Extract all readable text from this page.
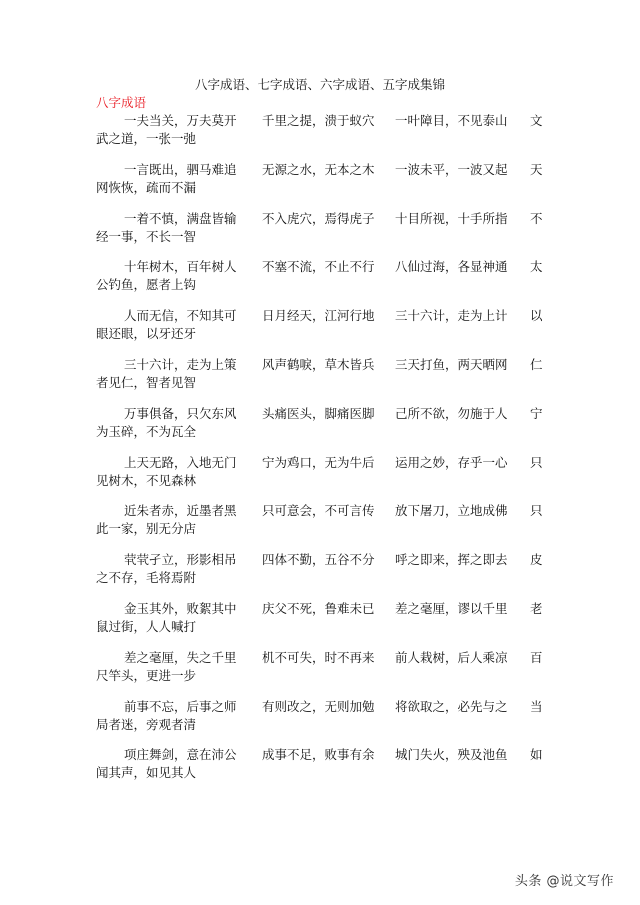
八字成语、七字成语、六字成语、五字成集锦
八字成语
一夫当关，万夫莫开 千里之提，溃于蚁穴 一叶障目，不见泰山 文
武之道，一张一弛
一言既出，驷马难追 无源之水，无本之木 一波未平，一波又起 天
网恢恢，疏而不漏
一着不慎，满盘皆输 不入虎穴，焉得虎子 十目所视，十手所指 不
经一事，不长一智
十年树木，百年树人 不塞不流，不止不行 八仙过海，各显神通 太
公钓鱼，愿者上钩
人而无信，不知其可 日月经天，江河行地 三十六计，走为上计 以
眼还眼，以牙还牙
三十六计，走为上策 风声鹤唳，草木皆兵 三天打鱼，两天晒网 仁
者见仁，智者见智
万事俱备，只欠东风 头痛医头，脚痛医脚 己所不欲，勿施于人 宁
为玉碎，不为瓦全
上天无路，入地无门 宁为鸡口，无为牛后 运用之妙，存乎一心 只
见树木，不见森林
近朱者赤，近墨者黑 只可意会，不可言传 放下屠刀，立地成佛 只
此一家，别无分店
茕茕孑立，形影相吊 四体不勤，五谷不分 呼之即来，挥之即去 皮
之不存，毛将焉附
金玉其外，败絮其中 庆父不死，鲁难未已 差之毫厘，谬以千里 老
鼠过街，人人喊打
差之毫厘，失之千里 机不可失，时不再来 前人栽树，后人乘凉 百
尺竿头，更进一步
前事不忘，后事之师 有则改之，无则加勉 将欲取之，必先与之 当
局者迷，旁观者清
项庄舞剑，意在沛公 成事不足，败事有余 城门失火，殃及池鱼 如
闻其声，如见其人
头条 @说文写作
